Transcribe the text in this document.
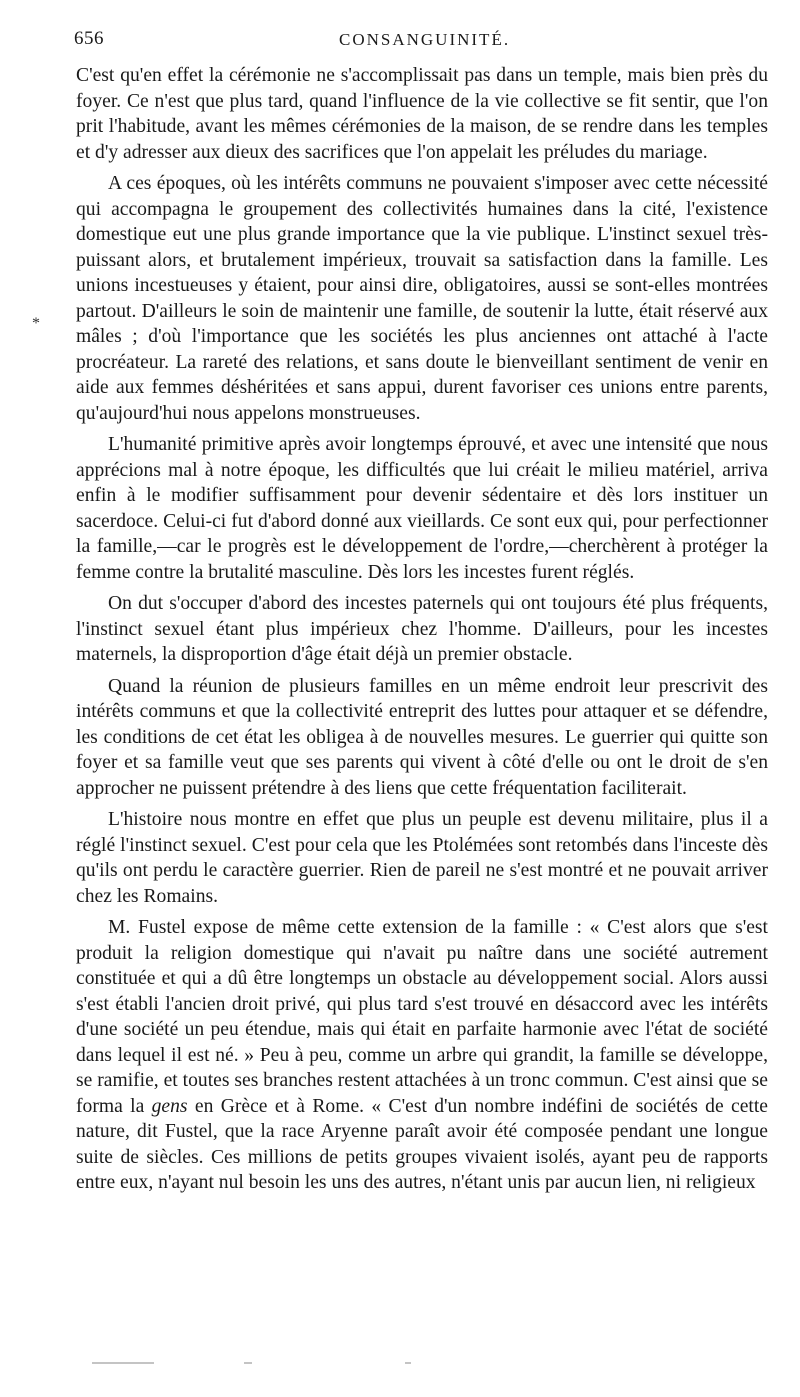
656	CONSANGUINITÉ.
*

C'est qu'en effet la cérémonie ne s'accomplissait pas dans un temple, mais bien près du foyer. Ce n'est que plus tard, quand l'influence de la vie collective se fit sentir, que l'on prit l'habitude, avant les mêmes cérémonies de la maison, de se rendre dans les temples et d'y adresser aux dieux des sacrifices que l'on appelait les préludes du mariage.

A ces époques, où les intérêts communs ne pouvaient s'imposer avec cette nécessité qui accompagna le groupement des collectivités humaines dans la cité, l'existence domestique eut une plus grande importance que la vie publique. L'instinct sexuel très-puissant alors, et brutalement impérieux, trouvait sa satisfaction dans la famille. Les unions incestueuses y étaient, pour ainsi dire, obligatoires, aussi se sont-elles montrées partout. D'ailleurs le soin de maintenir une famille, de soutenir la lutte, était réservé aux mâles ; d'où l'importance que les sociétés les plus anciennes ont attaché à l'acte procréateur. La rareté des relations, et sans doute le bienveillant sentiment de venir en aide aux femmes déshéritées et sans appui, durent favoriser ces unions entre parents, qu'aujourd'hui nous appelons monstrueuses.

L'humanité primitive après avoir longtemps éprouvé, et avec une intensité que nous apprécions mal à notre époque, les difficultés que lui créait le milieu matériel, arriva enfin à le modifier suffisamment pour devenir sédentaire et dès lors instituer un sacerdoce. Celui-ci fut d'abord donné aux vieillards. Ce sont eux qui, pour perfectionner la famille,—car le progrès est le développement de l'ordre,—cherchèrent à protéger la femme contre la brutalité masculine. Dès lors les incestes furent réglés.

On dut s'occuper d'abord des incestes paternels qui ont toujours été plus fréquents, l'instinct sexuel étant plus impérieux chez l'homme. D'ailleurs, pour les incestes maternels, la disproportion d'âge était déjà un premier obstacle.

Quand la réunion de plusieurs familles en un même endroit leur prescrivit des intérêts communs et que la collectivité entreprit des luttes pour attaquer et se défendre, les conditions de cet état les obligea à de nouvelles mesures. Le guerrier qui quitte son foyer et sa famille veut que ses parents qui vivent à côté d'elle ou ont le droit de s'en approcher ne puissent prétendre à des liens que cette fréquentation faciliterait.

L'histoire nous montre en effet que plus un peuple est devenu militaire, plus il a réglé l'instinct sexuel. C'est pour cela que les Ptolémées sont retombés dans l'inceste dès qu'ils ont perdu le caractère guerrier. Rien de pareil ne s'est montré et ne pouvait arriver chez les Romains.

M. Fustel expose de même cette extension de la famille : « C'est alors que s'est produit la religion domestique qui n'avait pu naître dans une société autrement constituée et qui a dû être longtemps un obstacle au développement social. Alors aussi s'est établi l'ancien droit privé, qui plus tard s'est trouvé en désaccord avec les intérêts d'une société un peu étendue, mais qui était en parfaite harmonie avec l'état de société dans lequel il est né. » Peu à peu, comme un arbre qui grandit, la famille se développe, se ramifie, et toutes ses branches restent attachées à un tronc commun. C'est ainsi que se forma la gens en Grèce et à Rome. « C'est d'un nombre indéfini de sociétés de cette nature, dit Fustel, que la race Aryenne paraît avoir été composée pendant une longue suite de siècles. Ces millions de petits groupes vivaient isolés, ayant peu de rapports entre eux, n'ayant nul besoin les uns des autres, n'étant unis par aucun lien, ni religieux
